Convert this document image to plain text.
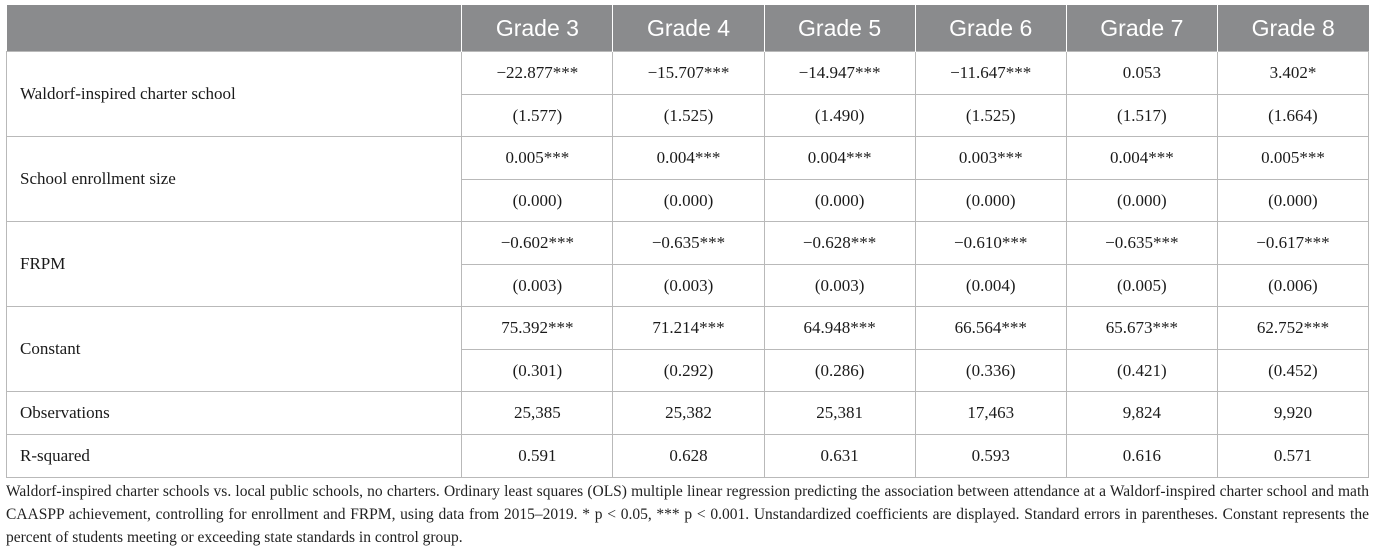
	Grade 3	Grade 4	Grade 5	Grade 6	Grade 7	Grade 8
Waldorf-inspired charter school	−22.877***	−15.707***	−14.947***	−11.647***	0.053	3.402*
	(1.577)	(1.525)	(1.490)	(1.525)	(1.517)	(1.664)
School enrollment size	0.005***	0.004***	0.004***	0.003***	0.004***	0.005***
	(0.000)	(0.000)	(0.000)	(0.000)	(0.000)	(0.000)
FRPM	−0.602***	−0.635***	−0.628***	−0.610***	−0.635***	−0.617***
	(0.003)	(0.003)	(0.003)	(0.004)	(0.005)	(0.006)
Constant	75.392***	71.214***	64.948***	66.564***	65.673***	62.752***
	(0.301)	(0.292)	(0.286)	(0.336)	(0.421)	(0.452)
Observations	25,385	25,382	25,381	17,463	9,824	9,920
R-squared	0.591	0.628	0.631	0.593	0.616	0.571

Waldorf-inspired charter schools vs. local public schools, no charters. Ordinary least squares (OLS) multiple linear regression predicting the association between attendance at a Waldorf-inspired charter school and math CAASPP achievement, controlling for enrollment and FRPM, using data from 2015–2019. * p < 0.05, *** p < 0.001. Unstandardized coefficients are displayed. Standard errors in parentheses. Constant represents the percent of students meeting or exceeding state standards in control group.
